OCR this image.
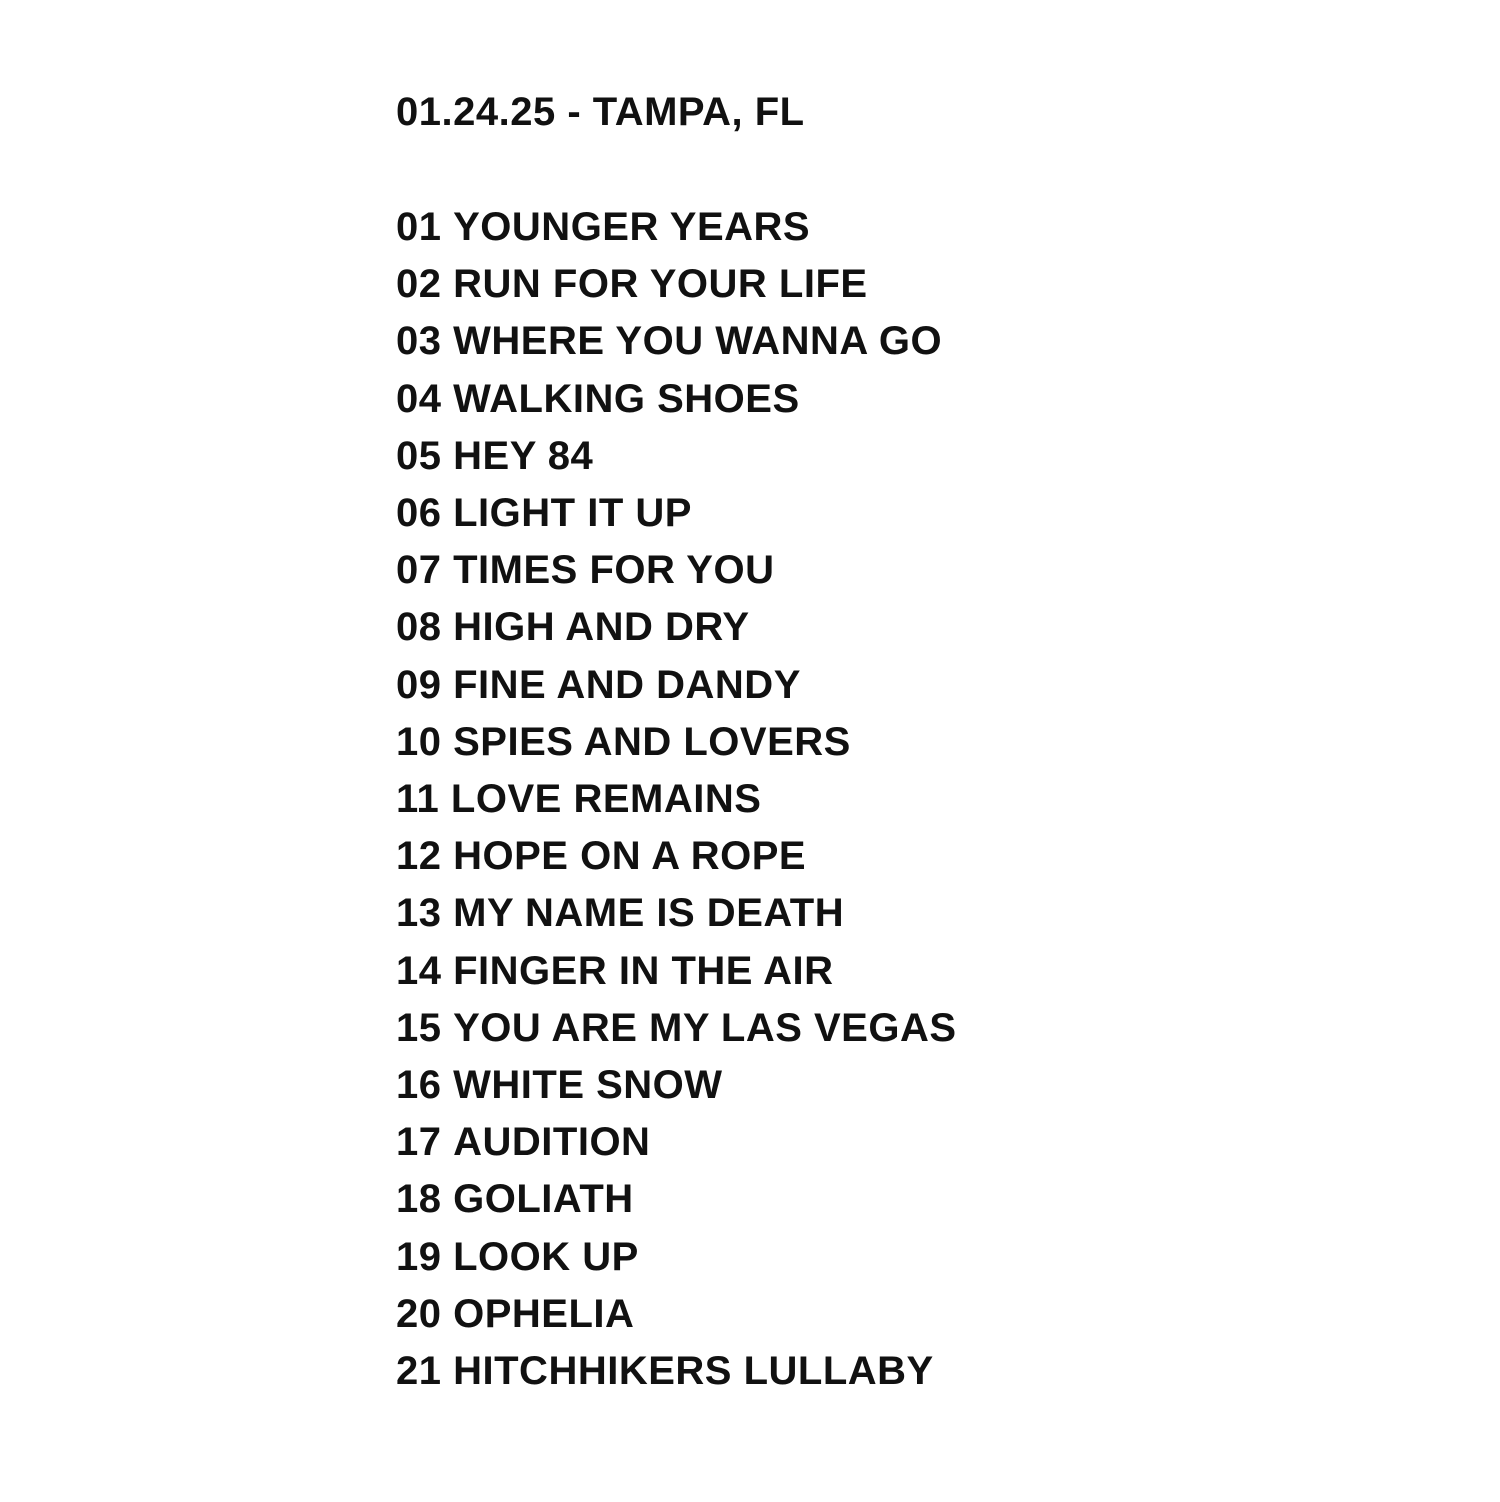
01.24.25 - TAMPA, FL
01 YOUNGER YEARS
02 RUN FOR YOUR LIFE
03 WHERE YOU WANNA GO
04 WALKING SHOES
05 HEY 84
06 LIGHT IT UP
07 TIMES FOR YOU
08 HIGH AND DRY
09 FINE AND DANDY
10 SPIES AND LOVERS
11 LOVE REMAINS
12 HOPE ON A ROPE
13 MY NAME IS DEATH
14 FINGER IN THE AIR
15 YOU ARE MY LAS VEGAS
16 WHITE SNOW
17 AUDITION
18 GOLIATH
19 LOOK UP
20 OPHELIA
21 HITCHHIKERS LULLABY
